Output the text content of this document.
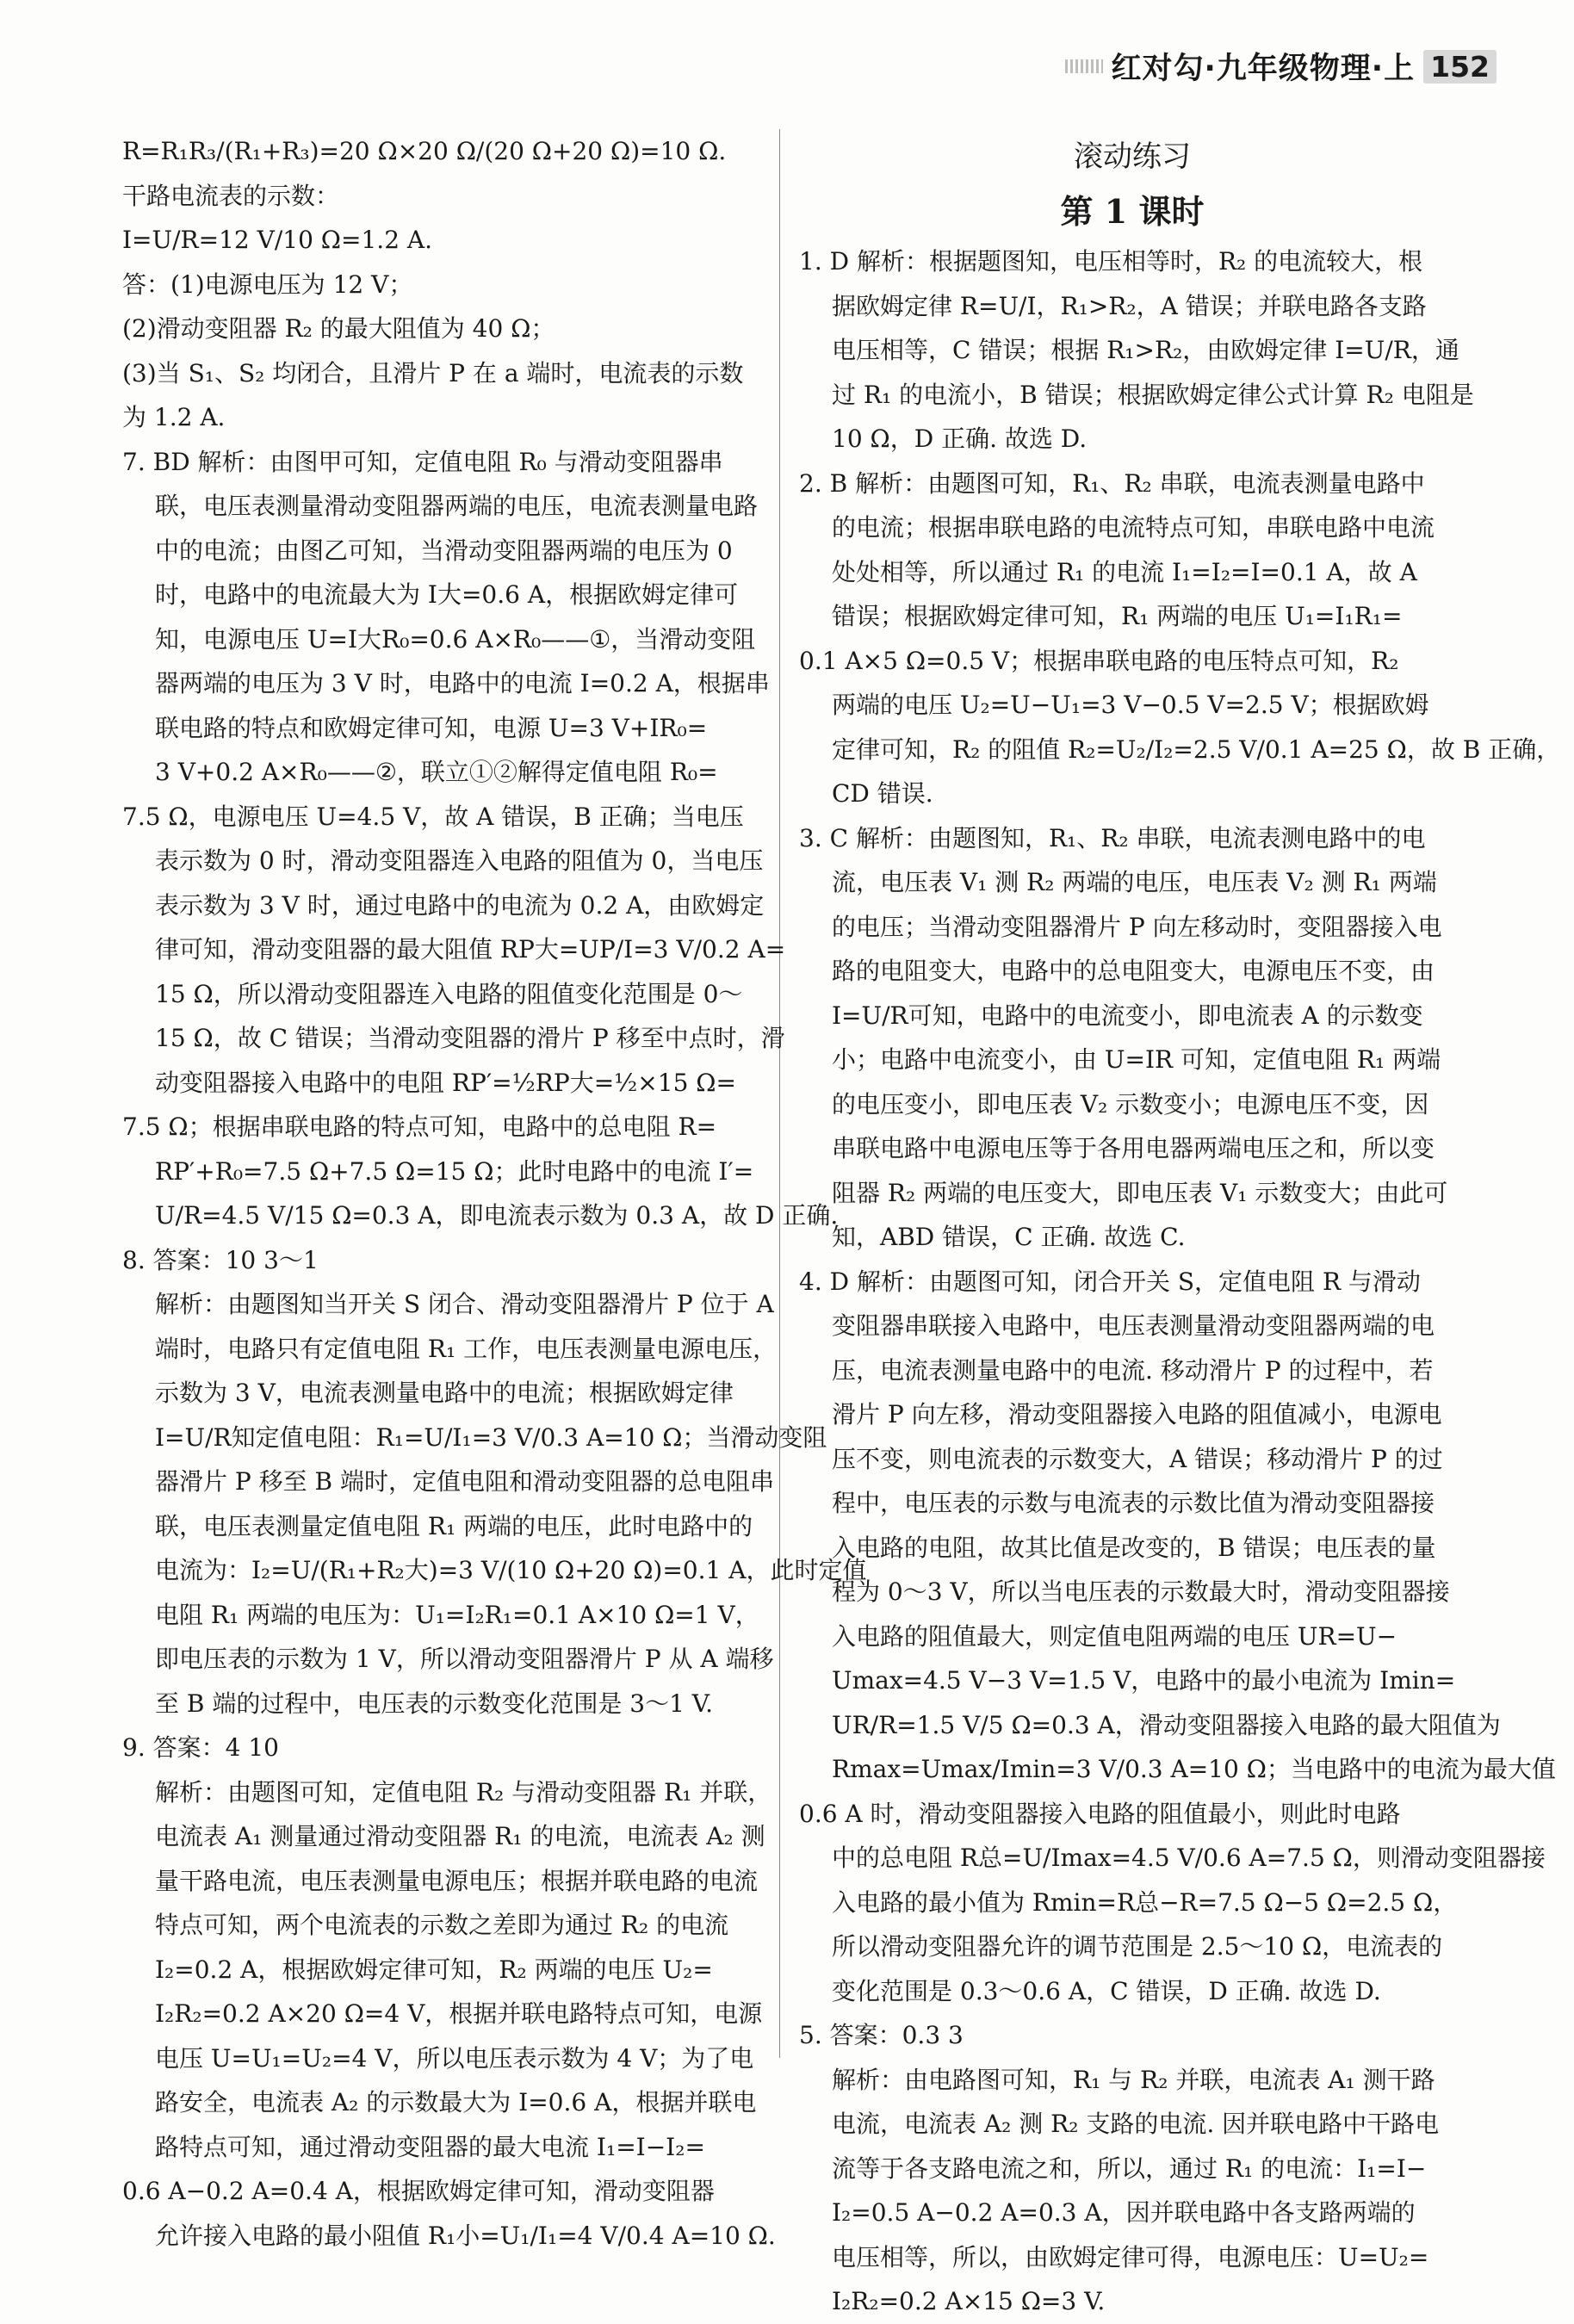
红对勾·九年级物理·上 152
R=R₁R₃/(R₁+R₃)=20 Ω×20 Ω/(20 Ω+20 Ω)=10 Ω.
干路电流表的示数：
I=U/R=12 V/10 Ω=1.2 A.
答：(1)电源电压为 12 V；
(2)滑动变阻器 R₂ 的最大阻值为 40 Ω；
(3)当 S₁、S₂ 均闭合，且滑片 P 在 a 端时，电流表的示数
为 1.2 A.
7. BD 解析：由图甲可知，定值电阻 R₀ 与滑动变阻器串
联，电压表测量滑动变阻器两端的电压，电流表测量电路
中的电流；由图乙可知，当滑动变阻器两端的电压为 0
时，电路中的电流最大为 I大=0.6 A，根据欧姆定律可
知，电源电压 U=I大R₀=0.6 A×R₀——①，当滑动变阻
器两端的电压为 3 V 时，电路中的电流 I=0.2 A，根据串
联电路的特点和欧姆定律可知，电源 U=3 V+IR₀=
3 V+0.2 A×R₀——②，联立①②解得定值电阻 R₀=
7.5 Ω，电源电压 U=4.5 V，故 A 错误，B 正确；当电压
表示数为 0 时，滑动变阻器连入电路的阻值为 0，当电压
表示数为 3 V 时，通过电路中的电流为 0.2 A，由欧姆定
律可知，滑动变阻器的最大阻值 RP大=UP/I=3 V/0.2 A=
15 Ω，所以滑动变阻器连入电路的阻值变化范围是 0～
15 Ω，故 C 错误；当滑动变阻器的滑片 P 移至中点时，滑
动变阻器接入电路中的电阻 RP′=½RP大=½×15 Ω=
7.5 Ω；根据串联电路的特点可知，电路中的总电阻 R=
RP′+R₀=7.5 Ω+7.5 Ω=15 Ω；此时电路中的电流 I′=
U/R=4.5 V/15 Ω=0.3 A，即电流表示数为 0.3 A，故 D 正确.
8. 答案：10 3～1
解析：由题图知当开关 S 闭合、滑动变阻器滑片 P 位于 A
端时，电路只有定值电阻 R₁ 工作，电压表测量电源电压，
示数为 3 V，电流表测量电路中的电流；根据欧姆定律
I=U/R知定值电阻：R₁=U/I₁=3 V/0.3 A=10 Ω；当滑动变阻
器滑片 P 移至 B 端时，定值电阻和滑动变阻器的总电阻串
联，电压表测量定值电阻 R₁ 两端的电压，此时电路中的
电流为：I₂=U/(R₁+R₂大)=3 V/(10 Ω+20 Ω)=0.1 A，此时定值
电阻 R₁ 两端的电压为：U₁=I₂R₁=0.1 A×10 Ω=1 V，
即电压表的示数为 1 V，所以滑动变阻器滑片 P 从 A 端移
至 B 端的过程中，电压表的示数变化范围是 3～1 V.
9. 答案：4 10
解析：由题图可知，定值电阻 R₂ 与滑动变阻器 R₁ 并联，
电流表 A₁ 测量通过滑动变阻器 R₁ 的电流，电流表 A₂ 测
量干路电流，电压表测量电源电压；根据并联电路的电流
特点可知，两个电流表的示数之差即为通过 R₂ 的电流
I₂=0.2 A，根据欧姆定律可知，R₂ 两端的电压 U₂=
I₂R₂=0.2 A×20 Ω=4 V，根据并联电路特点可知，电源
电压 U=U₁=U₂=4 V，所以电压表示数为 4 V；为了电
路安全，电流表 A₂ 的示数最大为 I=0.6 A，根据并联电
路特点可知，通过滑动变阻器的最大电流 I₁=I−I₂=
0.6 A−0.2 A=0.4 A，根据欧姆定律可知，滑动变阻器
允许接入电路的最小阻值 R₁小=U₁/I₁=4 V/0.4 A=10 Ω.
滚动练习
第 1 课时
1. D 解析：根据题图知，电压相等时，R₂ 的电流较大，根
据欧姆定律 R=U/I，R₁>R₂，A 错误；并联电路各支路
电压相等，C 错误；根据 R₁>R₂，由欧姆定律 I=U/R，通
过 R₁ 的电流小，B 错误；根据欧姆定律公式计算 R₂ 电阻是
10 Ω，D 正确. 故选 D.
2. B 解析：由题图可知，R₁、R₂ 串联，电流表测量电路中
的电流；根据串联电路的电流特点可知，串联电路中电流
处处相等，所以通过 R₁ 的电流 I₁=I₂=I=0.1 A，故 A
错误；根据欧姆定律可知，R₁ 两端的电压 U₁=I₁R₁=
0.1 A×5 Ω=0.5 V；根据串联电路的电压特点可知，R₂
两端的电压 U₂=U−U₁=3 V−0.5 V=2.5 V；根据欧姆
定律可知，R₂ 的阻值 R₂=U₂/I₂=2.5 V/0.1 A=25 Ω，故 B 正确，
CD 错误.
3. C 解析：由题图知，R₁、R₂ 串联，电流表测电路中的电
流，电压表 V₁ 测 R₂ 两端的电压，电压表 V₂ 测 R₁ 两端
的电压；当滑动变阻器滑片 P 向左移动时，变阻器接入电
路的电阻变大，电路中的总电阻变大，电源电压不变，由
I=U/R可知，电路中的电流变小，即电流表 A 的示数变
小；电路中电流变小，由 U=IR 可知，定值电阻 R₁ 两端
的电压变小，即电压表 V₂ 示数变小；电源电压不变，因
串联电路中电源电压等于各用电器两端电压之和，所以变
阻器 R₂ 两端的电压变大，即电压表 V₁ 示数变大；由此可
知，ABD 错误，C 正确. 故选 C.
4. D 解析：由题图可知，闭合开关 S，定值电阻 R 与滑动
变阻器串联接入电路中，电压表测量滑动变阻器两端的电
压，电流表测量电路中的电流. 移动滑片 P 的过程中，若
滑片 P 向左移，滑动变阻器接入电路的阻值减小，电源电
压不变，则电流表的示数变大，A 错误；移动滑片 P 的过
程中，电压表的示数与电流表的示数比值为滑动变阻器接
入电路的电阻，故其比值是改变的，B 错误；电压表的量
程为 0～3 V，所以当电压表的示数最大时，滑动变阻器接
入电路的阻值最大，则定值电阻两端的电压 UR=U−
Umax=4.5 V−3 V=1.5 V，电路中的最小电流为 Imin=
UR/R=1.5 V/5 Ω=0.3 A，滑动变阻器接入电路的最大阻值为
Rmax=Umax/Imin=3 V/0.3 A=10 Ω；当电路中的电流为最大值
0.6 A 时，滑动变阻器接入电路的阻值最小，则此时电路
中的总电阻 R总=U/Imax=4.5 V/0.6 A=7.5 Ω，则滑动变阻器接
入电路的最小值为 Rmin=R总−R=7.5 Ω−5 Ω=2.5 Ω，
所以滑动变阻器允许的调节范围是 2.5～10 Ω，电流表的
变化范围是 0.3～0.6 A，C 错误，D 正确. 故选 D.
5. 答案：0.3 3
解析：由电路图可知，R₁ 与 R₂ 并联，电流表 A₁ 测干路
电流，电流表 A₂ 测 R₂ 支路的电流. 因并联电路中干路电
流等于各支路电流之和，所以，通过 R₁ 的电流：I₁=I−
I₂=0.5 A−0.2 A=0.3 A，因并联电路中各支路两端的
电压相等，所以，由欧姆定律可得，电源电压：U=U₂=
I₂R₂=0.2 A×15 Ω=3 V.
